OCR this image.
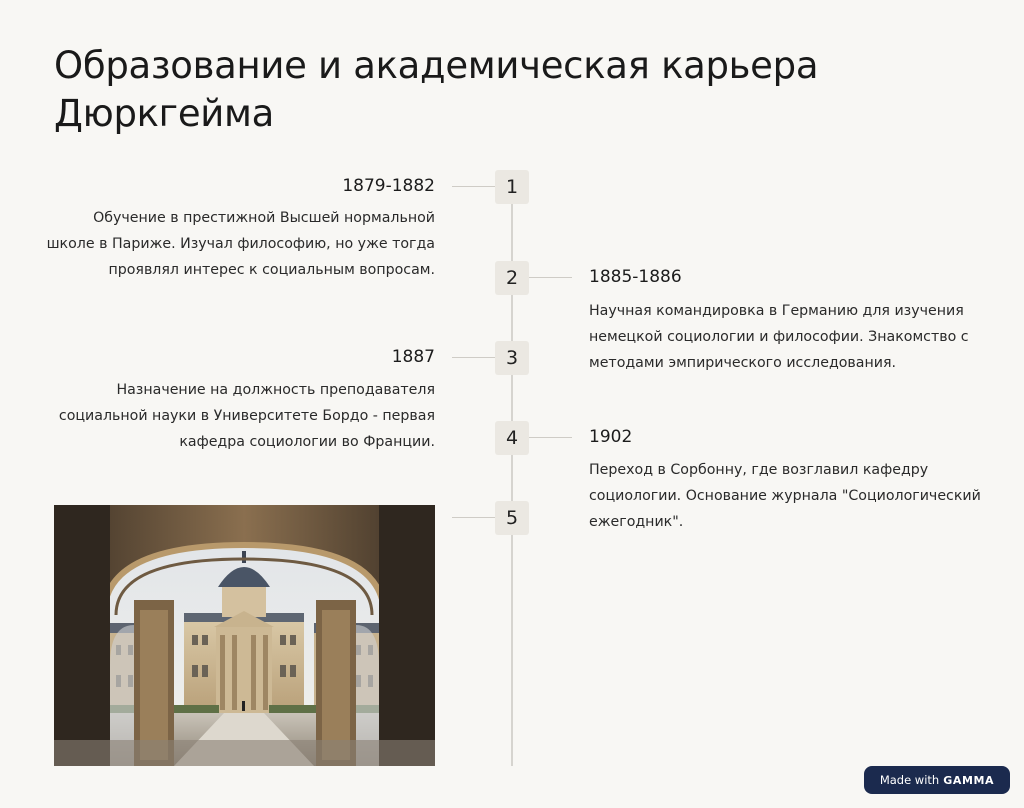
Образование и академическая карьера Дюркгейма
1
1879-1882
Обучение в престижной Высшей нормальной школе в Париже. Изучал философию, но уже тогда проявлял интерес к социальным вопросам.	2	1885-1886
Научная командировка в Германию для изучения немецкой социологии и философии. Знакомство с методами эмпирического исследования.
3
1887
Назначение на должность преподавателя социальной науки в Университете Бордо - первая кафедра социологии во Франции.	4	1902
Переход в Сорбонну, где возглавил кафедру социологии. Основание журнала "Социологический ежегодник".
5
Made with GAMMA
